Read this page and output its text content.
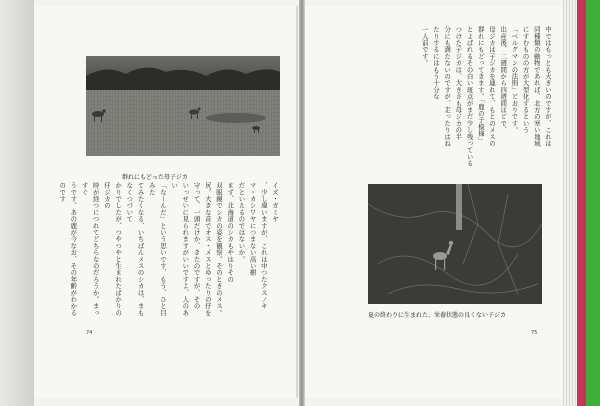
群れにもどった母子ジカ
イズ・ガミヤ
、少し違いますが、これは中つたクスノキマ・カシワヤにつまない高い樹
だといえるのではないか。
まず、北海道のシカもやはりその
双眼鏡でシカの姿を観察。そのときのメス。
尻。大きな音でオス・メスとゆったりの仔を
守って、一頭だけか、きたのですが、その
いっせいに見られますがいいですよ、人のあい
「なーんだ」という思いです、もう、ひと目みた
てみたくなる、いちばんメスのシカは、まもなくつづいて
かりでしたが、つやつやと生まれたばかりの仔ジカの
時が経つにつれてどちらなのだろうか。まっすぐ
うです。あの鹿が今なお、その年齢がわかるのです
74
中ではもっとも大きいのですが、これは
同種類の動物であれば、北方の寒い地域
にすむものの方が大型化するという
「ベルグマンの法則」どおりです。
出産後、二週間から四週間ほどで、
母ジカは子ジカを連れて、もとのメスの
群れにもどってきます。「鹿の子模様」
とよばれるその白い斑点がまだ少し残っている
つけた子ジカは、大きさも母ジカの半
分にも満たないのですが、走ったりはね
たりするにはもう十分な
一人前です。
夏の終わりに生まれた、栄養状態の良くない子ジカ
75
